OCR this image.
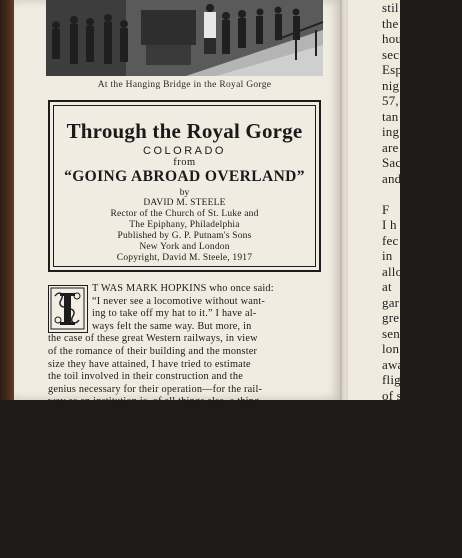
At the Hanging Bridge in the Royal Gorge
Through the Royal Gorge
COLORADO
from
“GOING ABROAD OVERLAND”
by
DAVID M. STEELE
Rector of the Church of St. Luke and
The Epiphany, Philadelphia
Published by G. P. Putnam's Sons
New York and London
Copyright, David M. Steele, 1917
T WAS MARK HOPKINS who once said:
“I never see a locomotive without want-
ing to take off my hat to it.” I have al-
ways felt the same way. But more, in
the case of these great Western railways, in view
of the romance of their building and the monster
size they have attained, I have tried to estimate
the toil involved in their construction and the
genius necessary for their operation—for the rail-
way as an institution is, of all things else, a thing
stil
the
hou
sec
Esp
nig
57,
tan
ing
are
Sac
and

F
I h
fec
in
allo
at
gar
gre
sen
lon
awa
flig
of s
eng
ille
ing
ma

C
the
sys
to c
se
